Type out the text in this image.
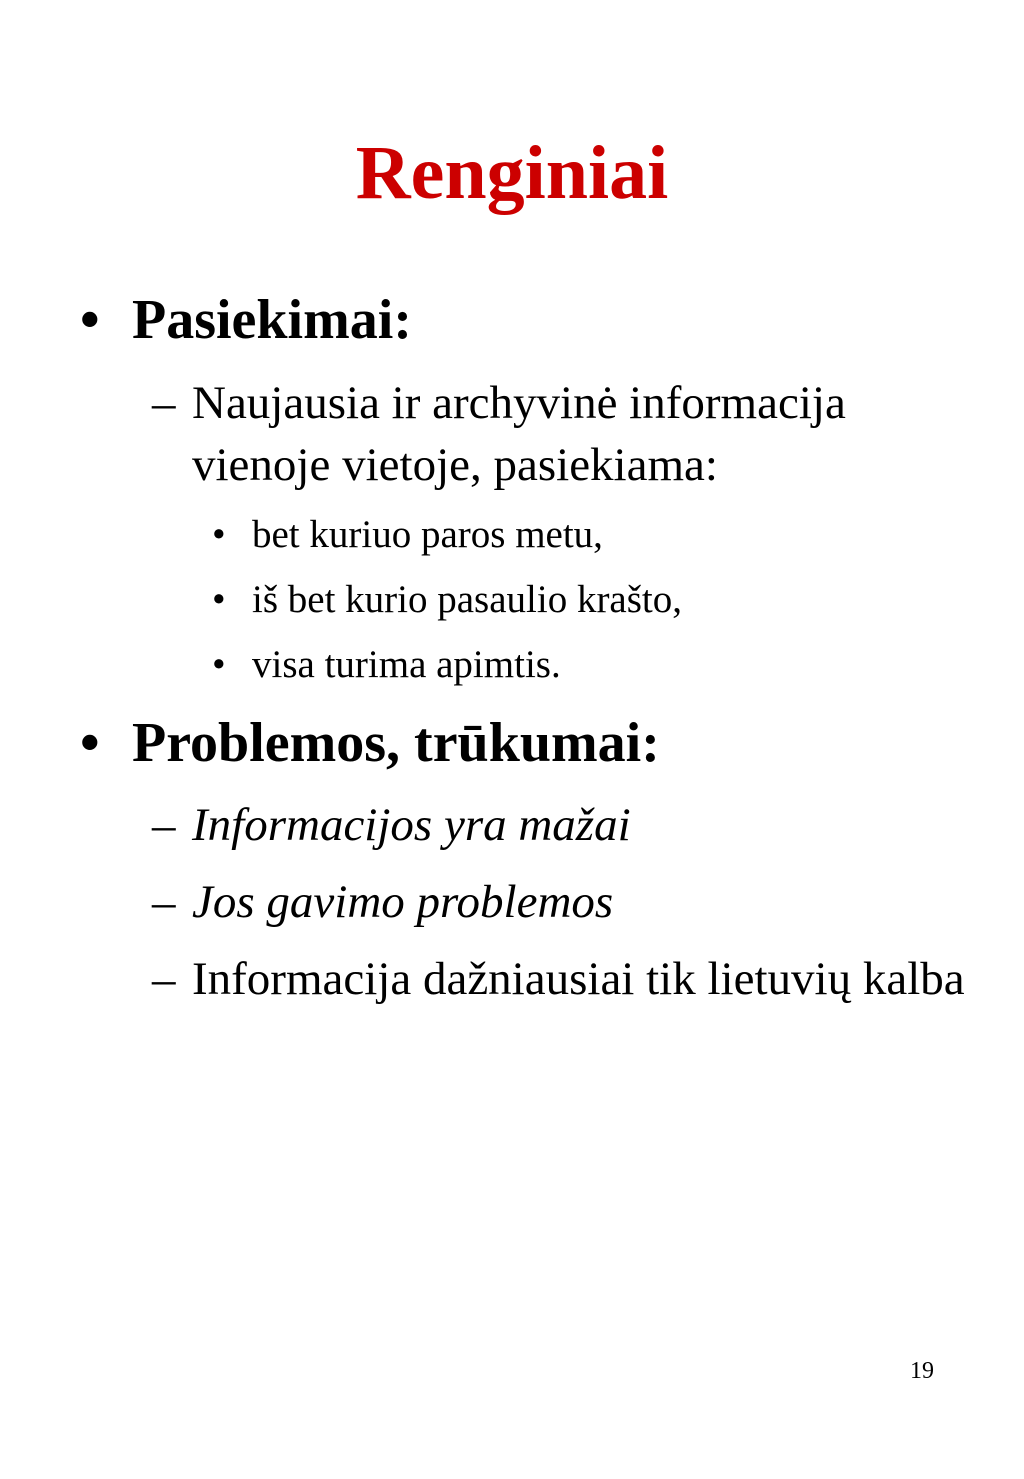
Renginiai
• Pasiekimai:
– Naujausia ir archyvinė informacija vienoje vietoje, pasiekiama:
• bet kuriuo paros metu,
• iš bet kurio pasaulio krašto,
• visa turima apimtis.
• Problemos, trūkumai:
– Informacijos yra mažai
– Jos gavimo problemos
– Informacija dažniausiai tik lietuvių kalba
19
